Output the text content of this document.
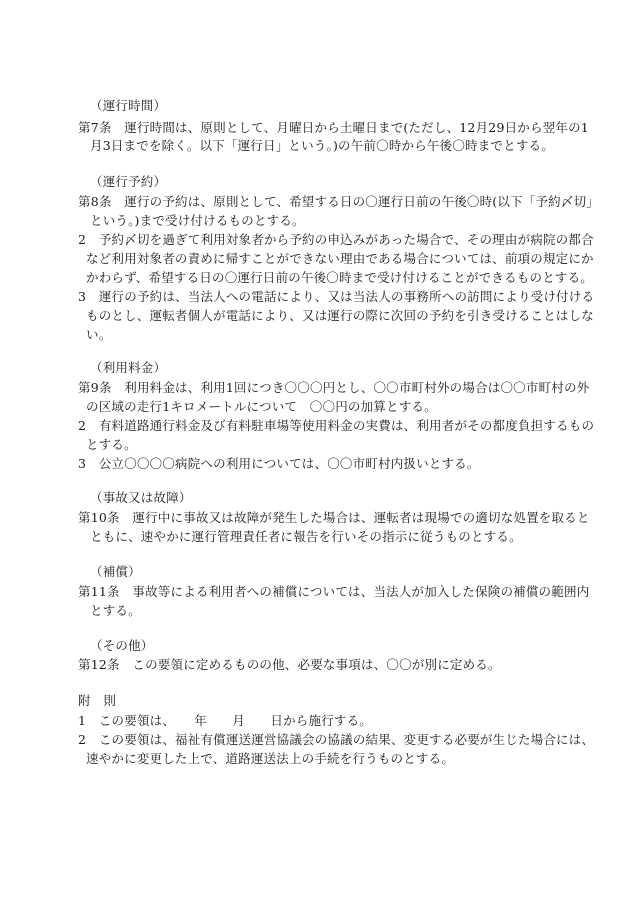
（運行時間）
第7条　運行時間は、原則として、月曜日から土曜日まで(ただし、12月29日から翌年の1
月3日までを除く。以下「運行日」という。)の午前〇時から午後〇時までとする。
（運行予約）
第8条　運行の予約は、原則として、希望する日の〇運行日前の午後〇時(以下「予約〆切」
という。)まで受け付けるものとする。
2　予約〆切を過ぎて利用対象者から予約の申込みがあった場合で、その理由が病院の都合
など利用対象者の責めに帰すことができない理由である場合については、前項の規定にか
かわらず、希望する日の〇運行日前の午後〇時まで受け付けることができるものとする。
3　運行の予約は、当法人への電話により、又は当法人の事務所への訪問により受け付ける
ものとし、運転者個人が電話により、又は運行の際に次回の予約を引き受けることはしな
い。
（利用料金）
第9条　利用料金は、利用1回につき〇〇〇円とし、〇〇市町村外の場合は〇〇市町村の外
の区域の走行1キロメートルについて　〇〇円の加算とする。
2　有料道路通行料金及び有料駐車場等使用料金の実費は、利用者がその都度負担するもの
とする。
3　公立〇〇〇〇病院への利用については、〇〇市町村内扱いとする。
（事故又は故障）
第10条　運行中に事故又は故障が発生した場合は、運転者は現場での適切な処置を取ると
ともに、速やかに運行管理責任者に報告を行いその指示に従うものとする。
（補償）
第11条　事故等による利用者への補償については、当法人が加入した保険の補償の範囲内
とする。
（その他）
第12条　この要領に定めるものの他、必要な事項は、〇〇が別に定める。
附　則
1　この要領は、　　年　　月　　日から施行する。
2　この要領は、福祉有償運送運営協議会の協議の結果、変更する必要が生じた場合には、
速やかに変更した上で、道路運送法上の手続を行うものとする。
